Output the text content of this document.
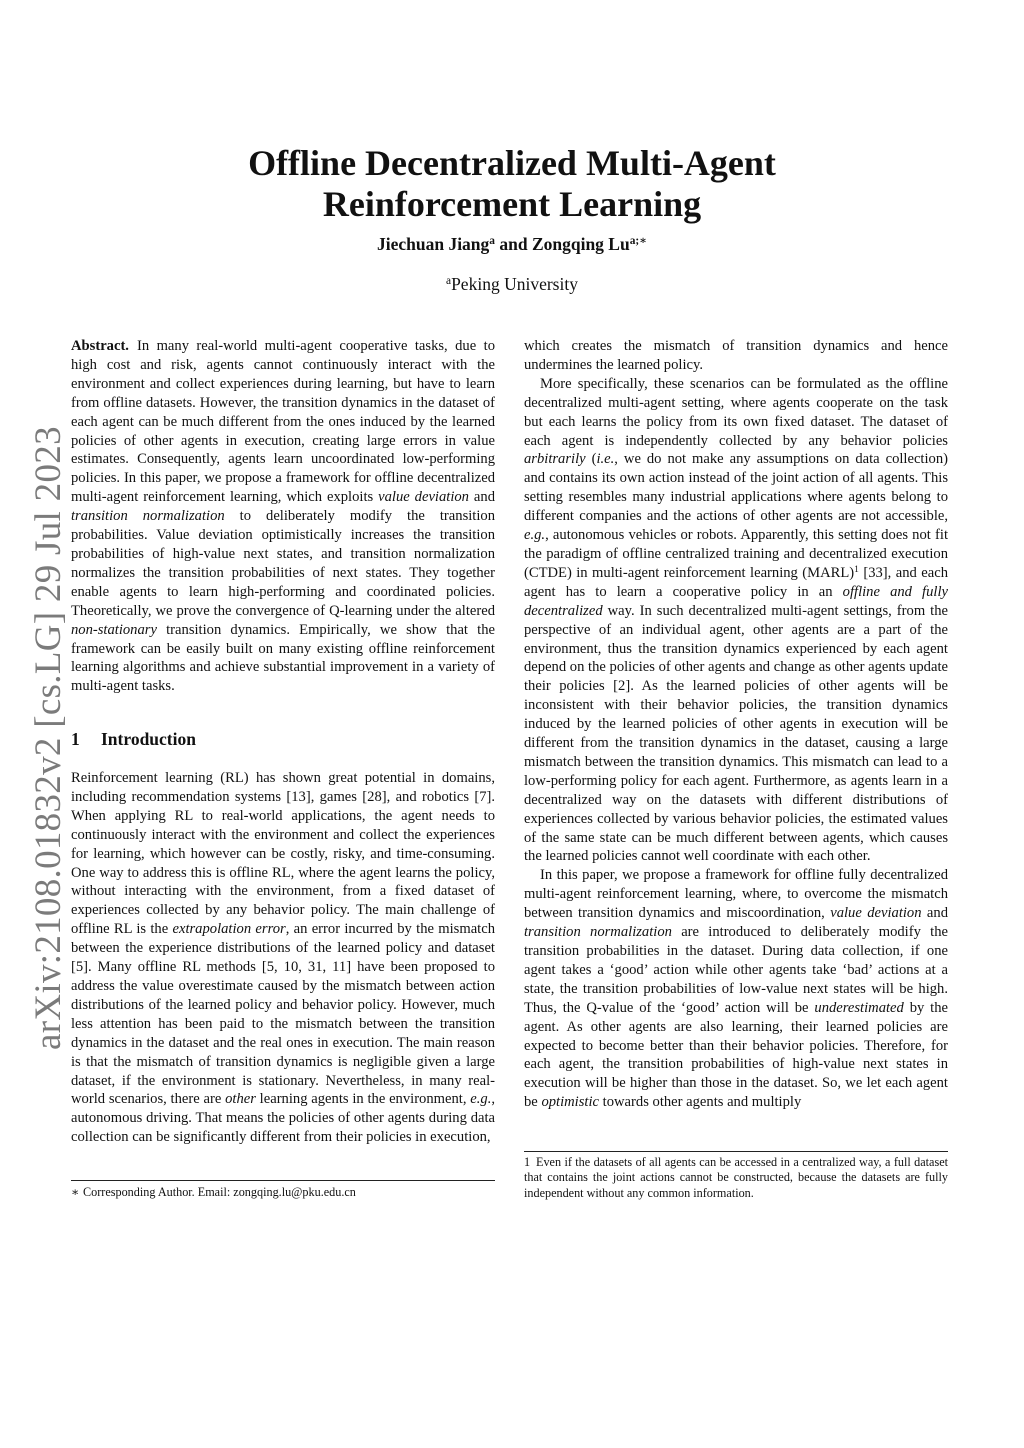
arXiv:2108.01832v2 [cs.LG] 29 Jul 2023
Offline Decentralized Multi-Agent
Reinforcement Learning
Jiechuan Jiang$^a$ and Zongqing $Lu^{a;∗}$
$^a$Peking University

Abstract. In many real-world multi-agent cooperative tasks, due to high cost and risk, agents cannot continuously interact with the environment and collect experiences during learning, but have to learn from offline datasets. However, the transition dynamics in the dataset of each agent can be much different from the ones induced by the learned policies of other agents in execution, creating large errors in value estimates. Consequently, agents learn uncoordinated low-performing policies. In this paper, we propose a framework for offline decentralized multi-agent reinforcement learning, which exploits value deviation and transition normalization to deliberately modify the transition probabilities. Value deviation optimistically increases the transition probabilities of high-value next states, and transition normalization normalizes the transition probabilities of next states. They together enable agents to learn high-performing and coordinated policies. Theoretically, we prove the convergence of Q-learning under the altered non-stationary transition dynamics. Empirically, we show that the framework can be easily built on many existing offline reinforcement learning algorithms and achieve substantial improvement in a variety of multi-agent tasks.

1 Introduction

Reinforcement learning (RL) has shown great potential in domains, including recommendation systems [13], games [28], and robotics [7]. When applying RL to real-world applications, the agent needs to continuously interact with the environment and collect the experiences for learning, which however can be costly, risky, and time-consuming. One way to address this is offline RL, where the agent learns the policy, without interacting with the environment, from a fixed dataset of experiences collected by any behavior policy. The main challenge of offline RL is the extrapolation error, an error incurred by the mismatch between the experience distributions of the learned policy and dataset [5]. Many offline RL methods [5, 10, 31, 11] have been proposed to address the value overestimate caused by the mismatch between action distributions of the learned policy and behavior policy. However, much less attention has been paid to the mismatch between the transition dynamics in the dataset and the real ones in execution. The main reason is that the mismatch of transition dynamics is negligible given a large dataset, if the environment is stationary. Nevertheless, in many real-world scenarios, there are other learning agents in the environment, e.g., autonomous driving. That means the policies of other agents during data collection can be significantly different from their policies in execution,

∗ Corresponding Author. Email: zongqing.lu@pku.edu.cn

which creates the mismatch of transition dynamics and hence undermines the learned policy.

More specifically, these scenarios can be formulated as the offline decentralized multi-agent setting, where agents cooperate on the task but each learns the policy from its own fixed dataset. The dataset of each agent is independently collected by any behavior policies arbitrarily (i.e., we do not make any assumptions on data collection) and contains its own action instead of the joint action of all agents. This setting resembles many industrial applications where agents belong to different companies and the actions of other agents are not accessible, e.g., autonomous vehicles or robots. Apparently, this setting does not fit the paradigm of offline centralized training and decentralized execution (CTDE) in multi-agent reinforcement learning (MARL)$^1$ [33], and each agent has to learn a cooperative policy in an offline and fully decentralized way. In such decentralized multi-agent settings, from the perspective of an individual agent, other agents are a part of the environment, thus the transition dynamics experienced by each agent depend on the policies of other agents and change as other agents update their policies [2]. As the learned policies of other agents will be inconsistent with their behavior policies, the transition dynamics induced by the learned policies of other agents in execution will be different from the transition dynamics in the dataset, causing a large mismatch between the transition dynamics. This mismatch can lead to a low-performing policy for each agent. Furthermore, as agents learn in a decentralized way on the datasets with different distributions of experiences collected by various behavior policies, the estimated values of the same state can be much different between agents, which causes the learned policies cannot well coordinate with each other.

In this paper, we propose a framework for offline fully decentralized multi-agent reinforcement learning, where, to overcome the mismatch between transition dynamics and miscoordination, value deviation and transition normalization are introduced to deliberately modify the transition probabilities in the dataset. During data collection, if one agent takes a ‘good’ action while other agents take ‘bad’ actions at a state, the transition probabilities of low-value next states will be high. Thus, the Q-value of the ‘good’ action will be underestimated by the agent. As other agents are also learning, their learned policies are expected to become better than their behavior policies. Therefore, for each agent, the transition probabilities of high-value next states in execution will be higher than those in the dataset. So, we let each agent be optimistic towards other agents and multiply

1 Even if the datasets of all agents can be accessed in a centralized way, a full dataset that contains the joint actions cannot be constructed, because the datasets are fully independent without any common information.
